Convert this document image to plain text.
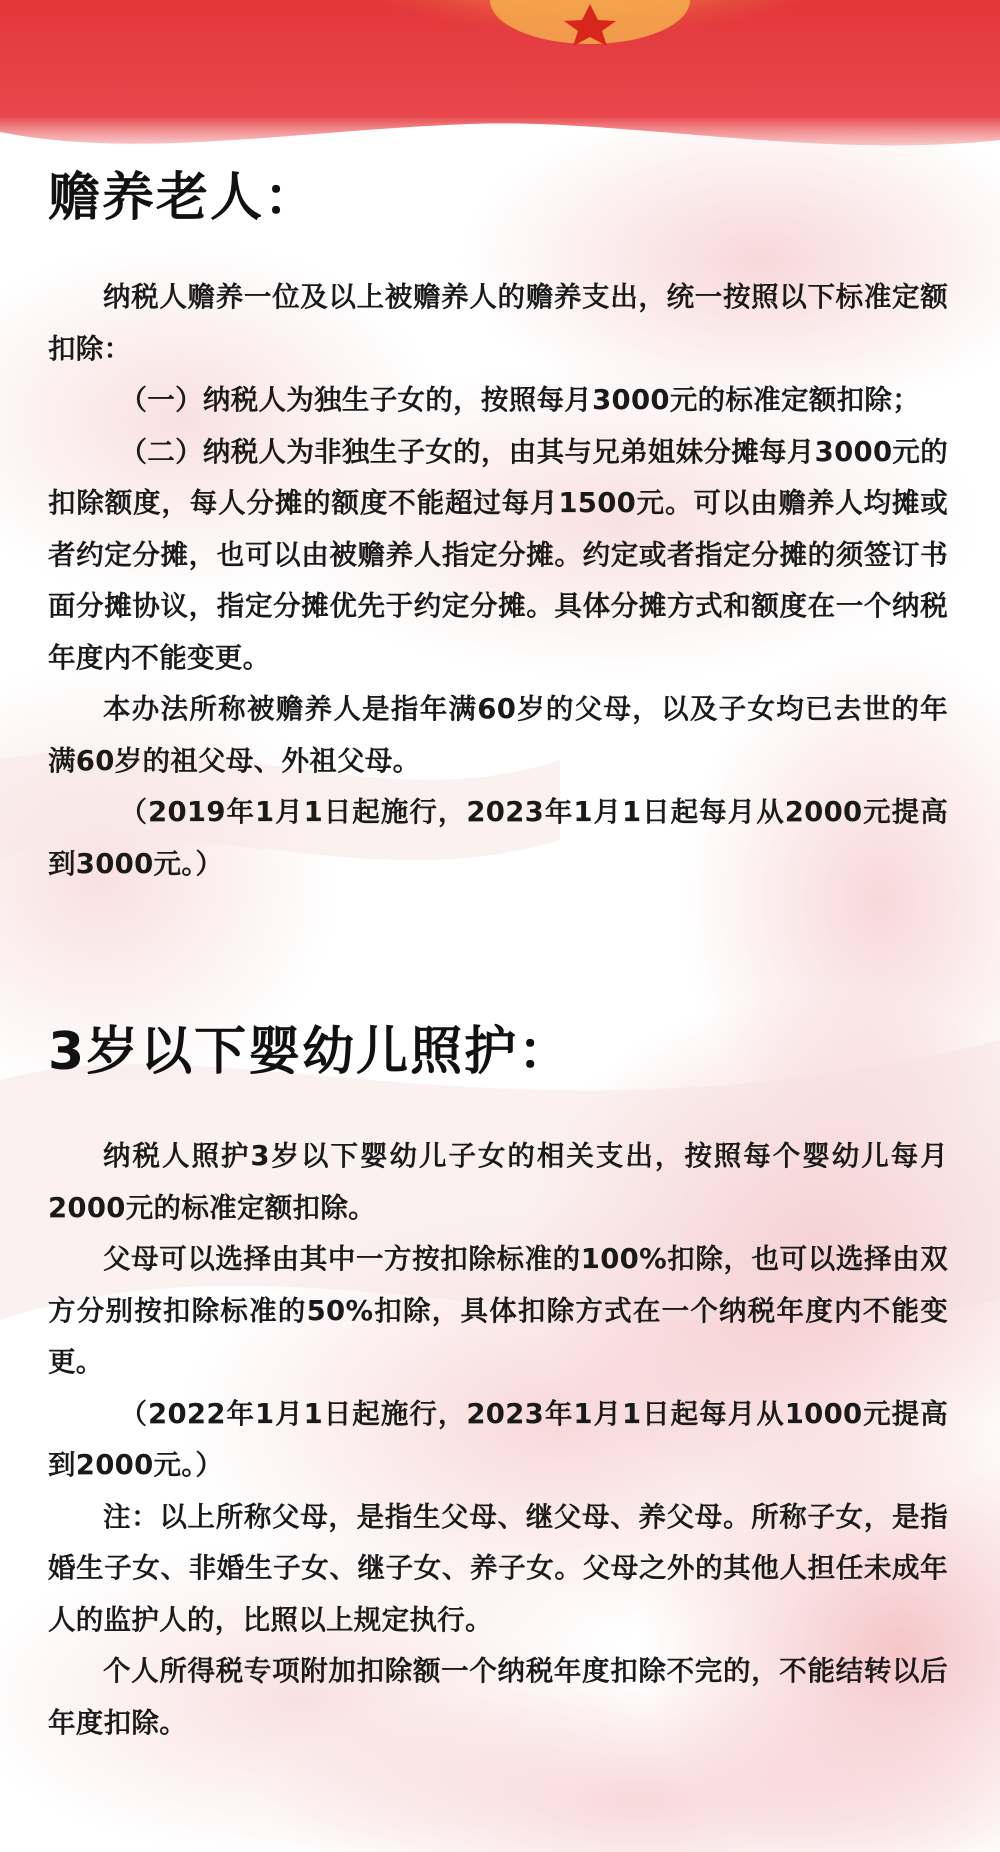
赡养老人：

纳税人赡养一位及以上被赡养人的赡养支出，统一按照以下标准定额扣除：

（一）纳税人为独生子女的，按照每月3000元的标准定额扣除；

（二）纳税人为非独生子女的，由其与兄弟姐妹分摊每月3000元的扣除额度，每人分摊的额度不能超过每月1500元。可以由赡养人均摊或者约定分摊，也可以由被赡养人指定分摊。约定或者指定分摊的须签订书面分摊协议，指定分摊优先于约定分摊。具体分摊方式和额度在一个纳税年度内不能变更。

本办法所称被赡养人是指年满60岁的父母，以及子女均已去世的年满60岁的祖父母、外祖父母。

（2019年1月1日起施行，2023年1月1日起每月从2000元提高到3000元。）

3岁以下婴幼儿照护：

纳税人照护3岁以下婴幼儿子女的相关支出，按照每个婴幼儿每月2000元的标准定额扣除。

父母可以选择由其中一方按扣除标准的100%扣除，也可以选择由双方分别按扣除标准的50%扣除，具体扣除方式在一个纳税年度内不能变更。

（2022年1月1日起施行，2023年1月1日起每月从1000元提高到2000元。）

注：以上所称父母，是指生父母、继父母、养父母。所称子女，是指婚生子女、非婚生子女、继子女、养子女。父母之外的其他人担任未成年人的监护人的，比照以上规定执行。

个人所得税专项附加扣除额一个纳税年度扣除不完的，不能结转以后年度扣除。
